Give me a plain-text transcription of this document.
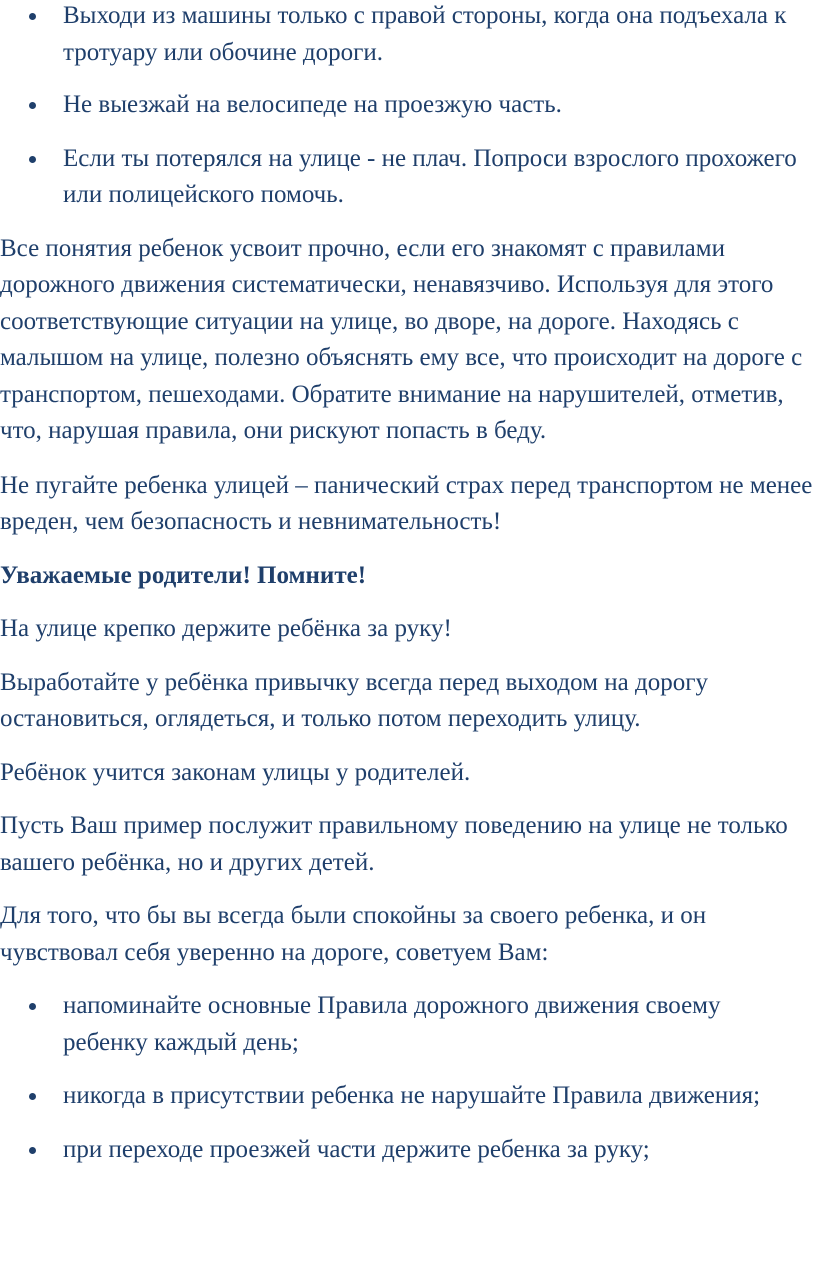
Выходи из машины только с правой стороны, когда она подъехала к тротуару или обочине дороги.
Не выезжай на велосипеде на проезжую часть.
Если ты потерялся на улице - не плач. Попроси взрослого прохожего или полицейского помочь.

Все понятия ребенок усвоит прочно, если его знакомят с правилами дорожного движения систематически, ненавязчиво. Используя для этого соответствующие ситуации на улице, во дворе, на дороге. Находясь с малышом на улице, полезно объяснять ему все, что происходит на дороге с транспортом, пешеходами. Обратите внимание на нарушителей, отметив, что, нарушая правила, они рискуют попасть в беду.

Не пугайте ребенка улицей – панический страх перед транспортом не менее вреден, чем безопасность и невнимательность!

Уважаемые родители! Помните!

На улице крепко держите ребёнка за руку!

Выработайте у ребёнка привычку всегда перед выходом на дорогу остановиться, оглядеться, и только потом переходить улицу.

Ребёнок учится законам улицы у родителей.

Пусть Ваш пример послужит правильному поведению на улице не только вашего ребёнка, но и других детей.

Для того, что бы вы всегда были спокойны за своего ребенка, и он чувствовал себя уверенно на дороге, советуем Вам:

напоминайте основные Правила дорожного движения своему ребенку каждый день;
никогда в присутствии ребенка не нарушайте Правила движения;
при переходе проезжей части держите ребенка за руку;
